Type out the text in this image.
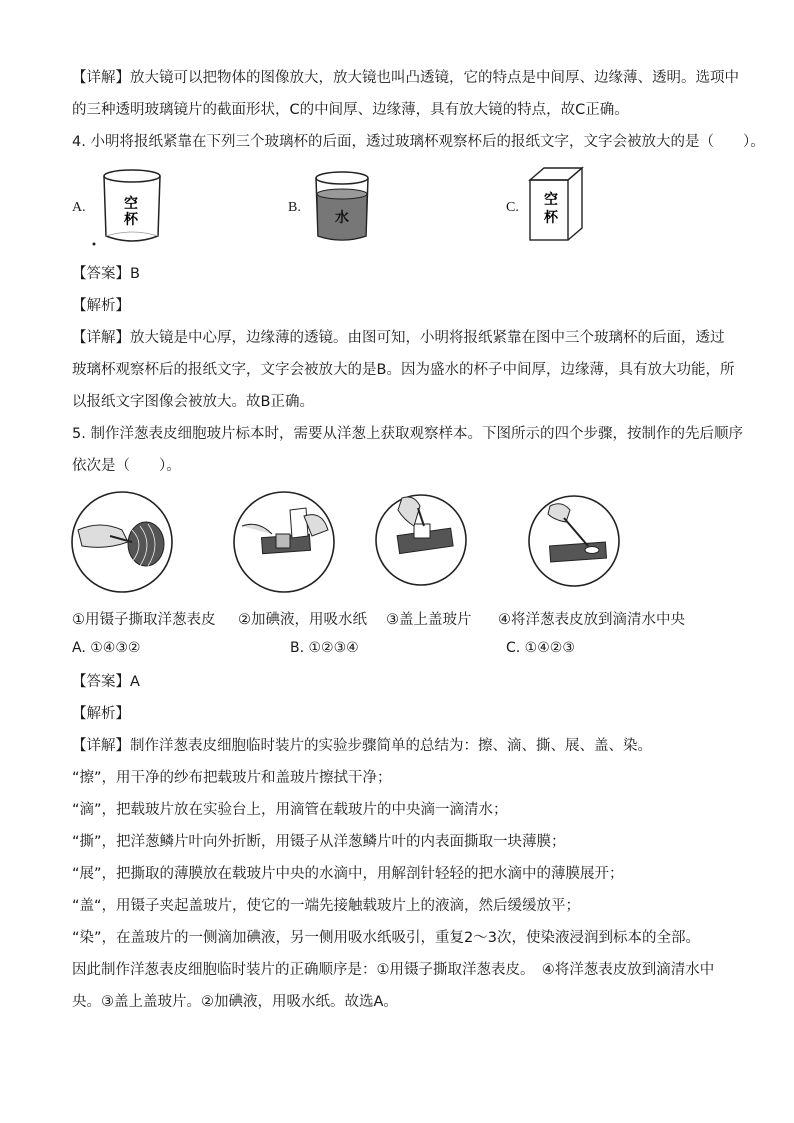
【详解】放大镜可以把物体的图像放大，放大镜也叫凸透镜，它的特点是中间厚、边缘薄、透明。选项中
的三种透明玻璃镜片的截面形状，C的中间厚、边缘薄，具有放大镜的特点，故C正确。
4. 小明将报纸紧靠在下列三个玻璃杯的后面，透过玻璃杯观察杯后的报纸文字，文字会被放大的是（　　）。
A.	空
杯
B.
水
C. 空
杯
【答案】B
【解析】
【详解】放大镜是中心厚，边缘薄的透镜。由图可知，小明将报纸紧靠在图中三个玻璃杯的后面，透过
玻璃杯观察杯后的报纸文字，文字会被放大的是B。因为盛水的杯子中间厚，边缘薄，具有放大功能，所
以报纸文字图像会被放大。故B正确。
5. 制作洋葱表皮细胞玻片标本时，需要从洋葱上获取观察样本。下图所示的四个步骤，按制作的先后顺序
依次是（　　）。
①用镊子撕取洋葱表皮 ②加碘液，用吸水纸 ③盖上盖玻片 ④将洋葱表皮放到滴清水中央
A. ①④③②	B. ①②③④	C. ①④②③
【答案】A
【解析】
【详解】制作洋葱表皮细胞临时装片的实验步骤简单的总结为：擦、滴、撕、展、盖、染。
“擦”，用干净的纱布把载玻片和盖玻片擦拭干净；
“滴”，把载玻片放在实验台上，用滴管在载玻片的中央滴一滴清水；
“撕”，把洋葱鳞片叶向外折断，用镊子从洋葱鳞片叶的内表面撕取一块薄膜；
“展”，把撕取的薄膜放在载玻片中央的水滴中，用解剖针轻轻的把水滴中的薄膜展开；
“盖“，用镊子夹起盖玻片，使它的一端先接触载玻片上的液滴，然后缓缓放平；
“染”，在盖玻片的一侧滴加碘液，另一侧用吸水纸吸引，重复2～3次，使染液浸润到标本的全部。
因此制作洋葱表皮细胞临时装片的正确顺序是：①用镊子撕取洋葱表皮。　④将洋葱表皮放到滴清水中
央。③盖上盖玻片。②加碘液，用吸水纸。故选A。
